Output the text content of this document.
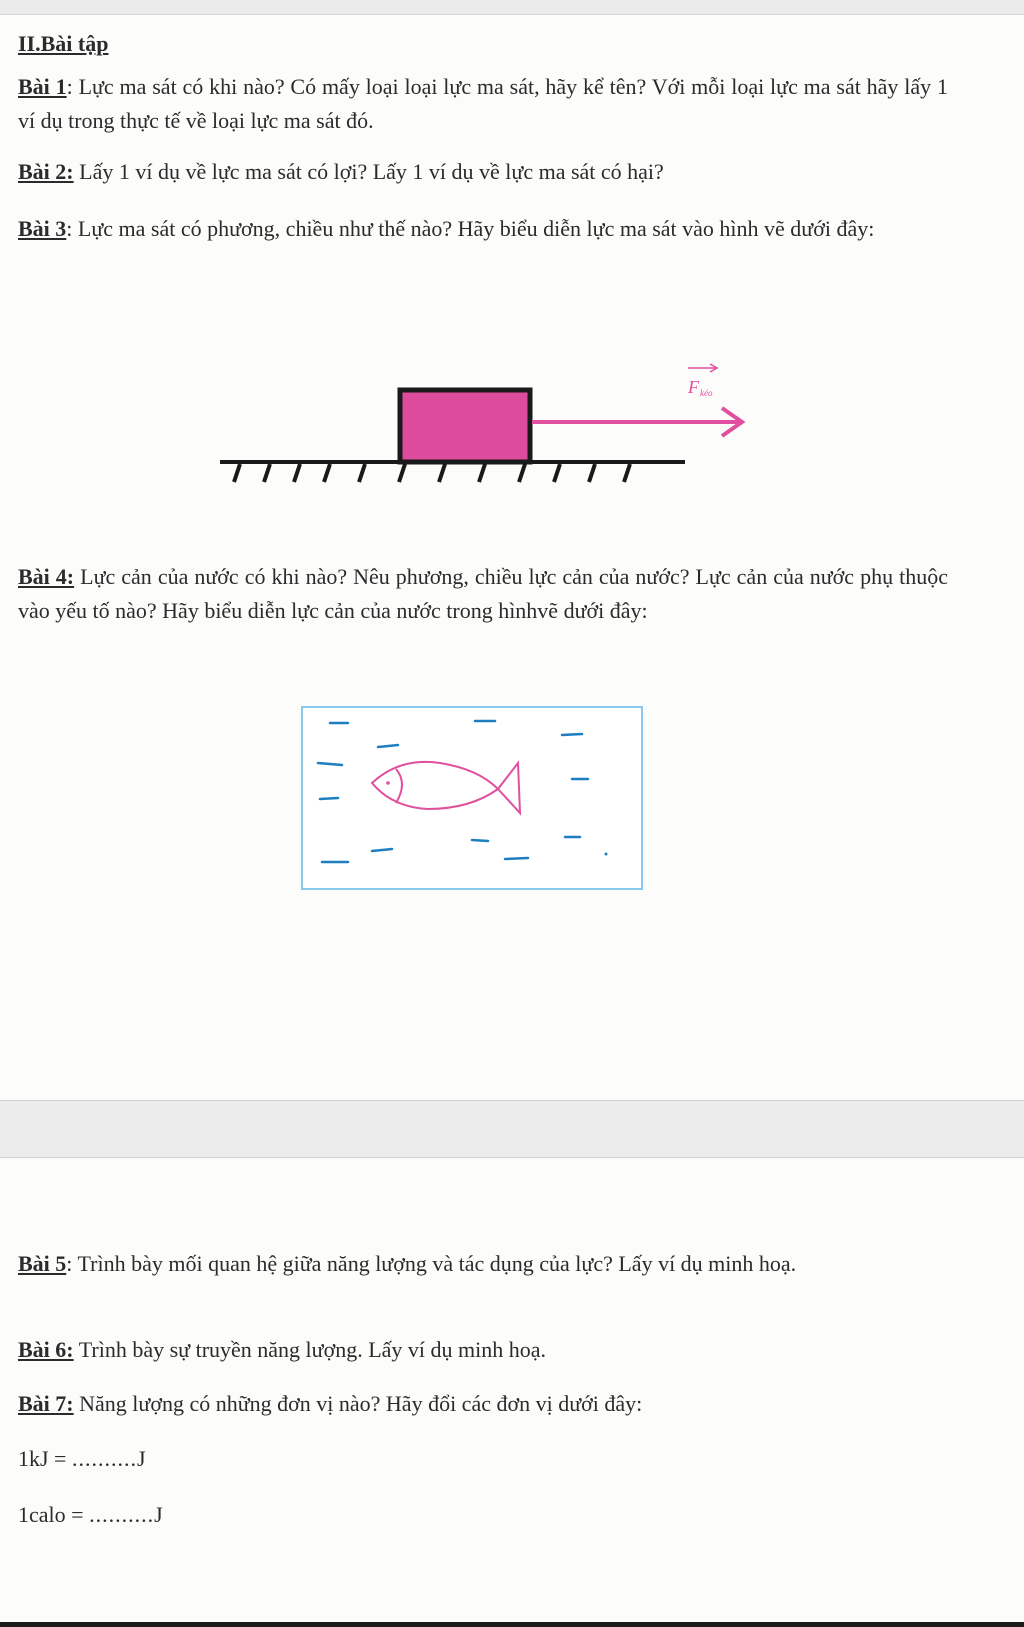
II.Bài tập

Bài 1: Lực ma sát có khi nào? Có mấy loại loại lực ma sát, hãy kể tên? Với mỗi loại lực ma sát hãy lấy 1 ví dụ trong thực tế về loại lực ma sát đó.

Bài 2: Lấy 1 ví dụ về lực ma sát có lợi? Lấy 1 ví dụ về lực ma sát có hại?

Bài 3: Lực ma sát có phương, chiều như thế nào? Hãy biểu diễn lực ma sát vào hình vẽ dưới đây:

F kéo

Bài 4: Lực cản của nước có khi nào? Nêu phương, chiều lực cản của nước? Lực cản của nước phụ thuộc vào yếu tố nào? Hãy biểu diễn lực cản của nước trong hìnhvẽ dưới đây:

Bài 5: Trình bày mối quan hệ giữa năng lượng và tác dụng của lực? Lấy ví dụ minh hoạ.

Bài 6: Trình bày sự truyền năng lượng. Lấy ví dụ minh hoạ.

Bài 7: Năng lượng có những đơn vị nào? Hãy đổi các đơn vị dưới đây:

1kJ = ..........J
1calo = ..........J
